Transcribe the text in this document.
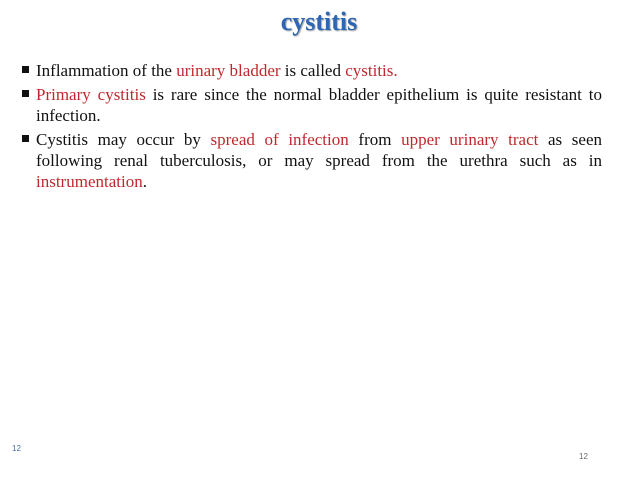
cystitis
Inflammation of the urinary bladder is called cystitis.
Primary cystitis is rare since the normal bladder epithelium is quite resistant to infection.
Cystitis may occur by spread of infection from upper urinary tract as seen following renal tuberculosis, or may spread from the urethra such as in instrumentation.
12
12
